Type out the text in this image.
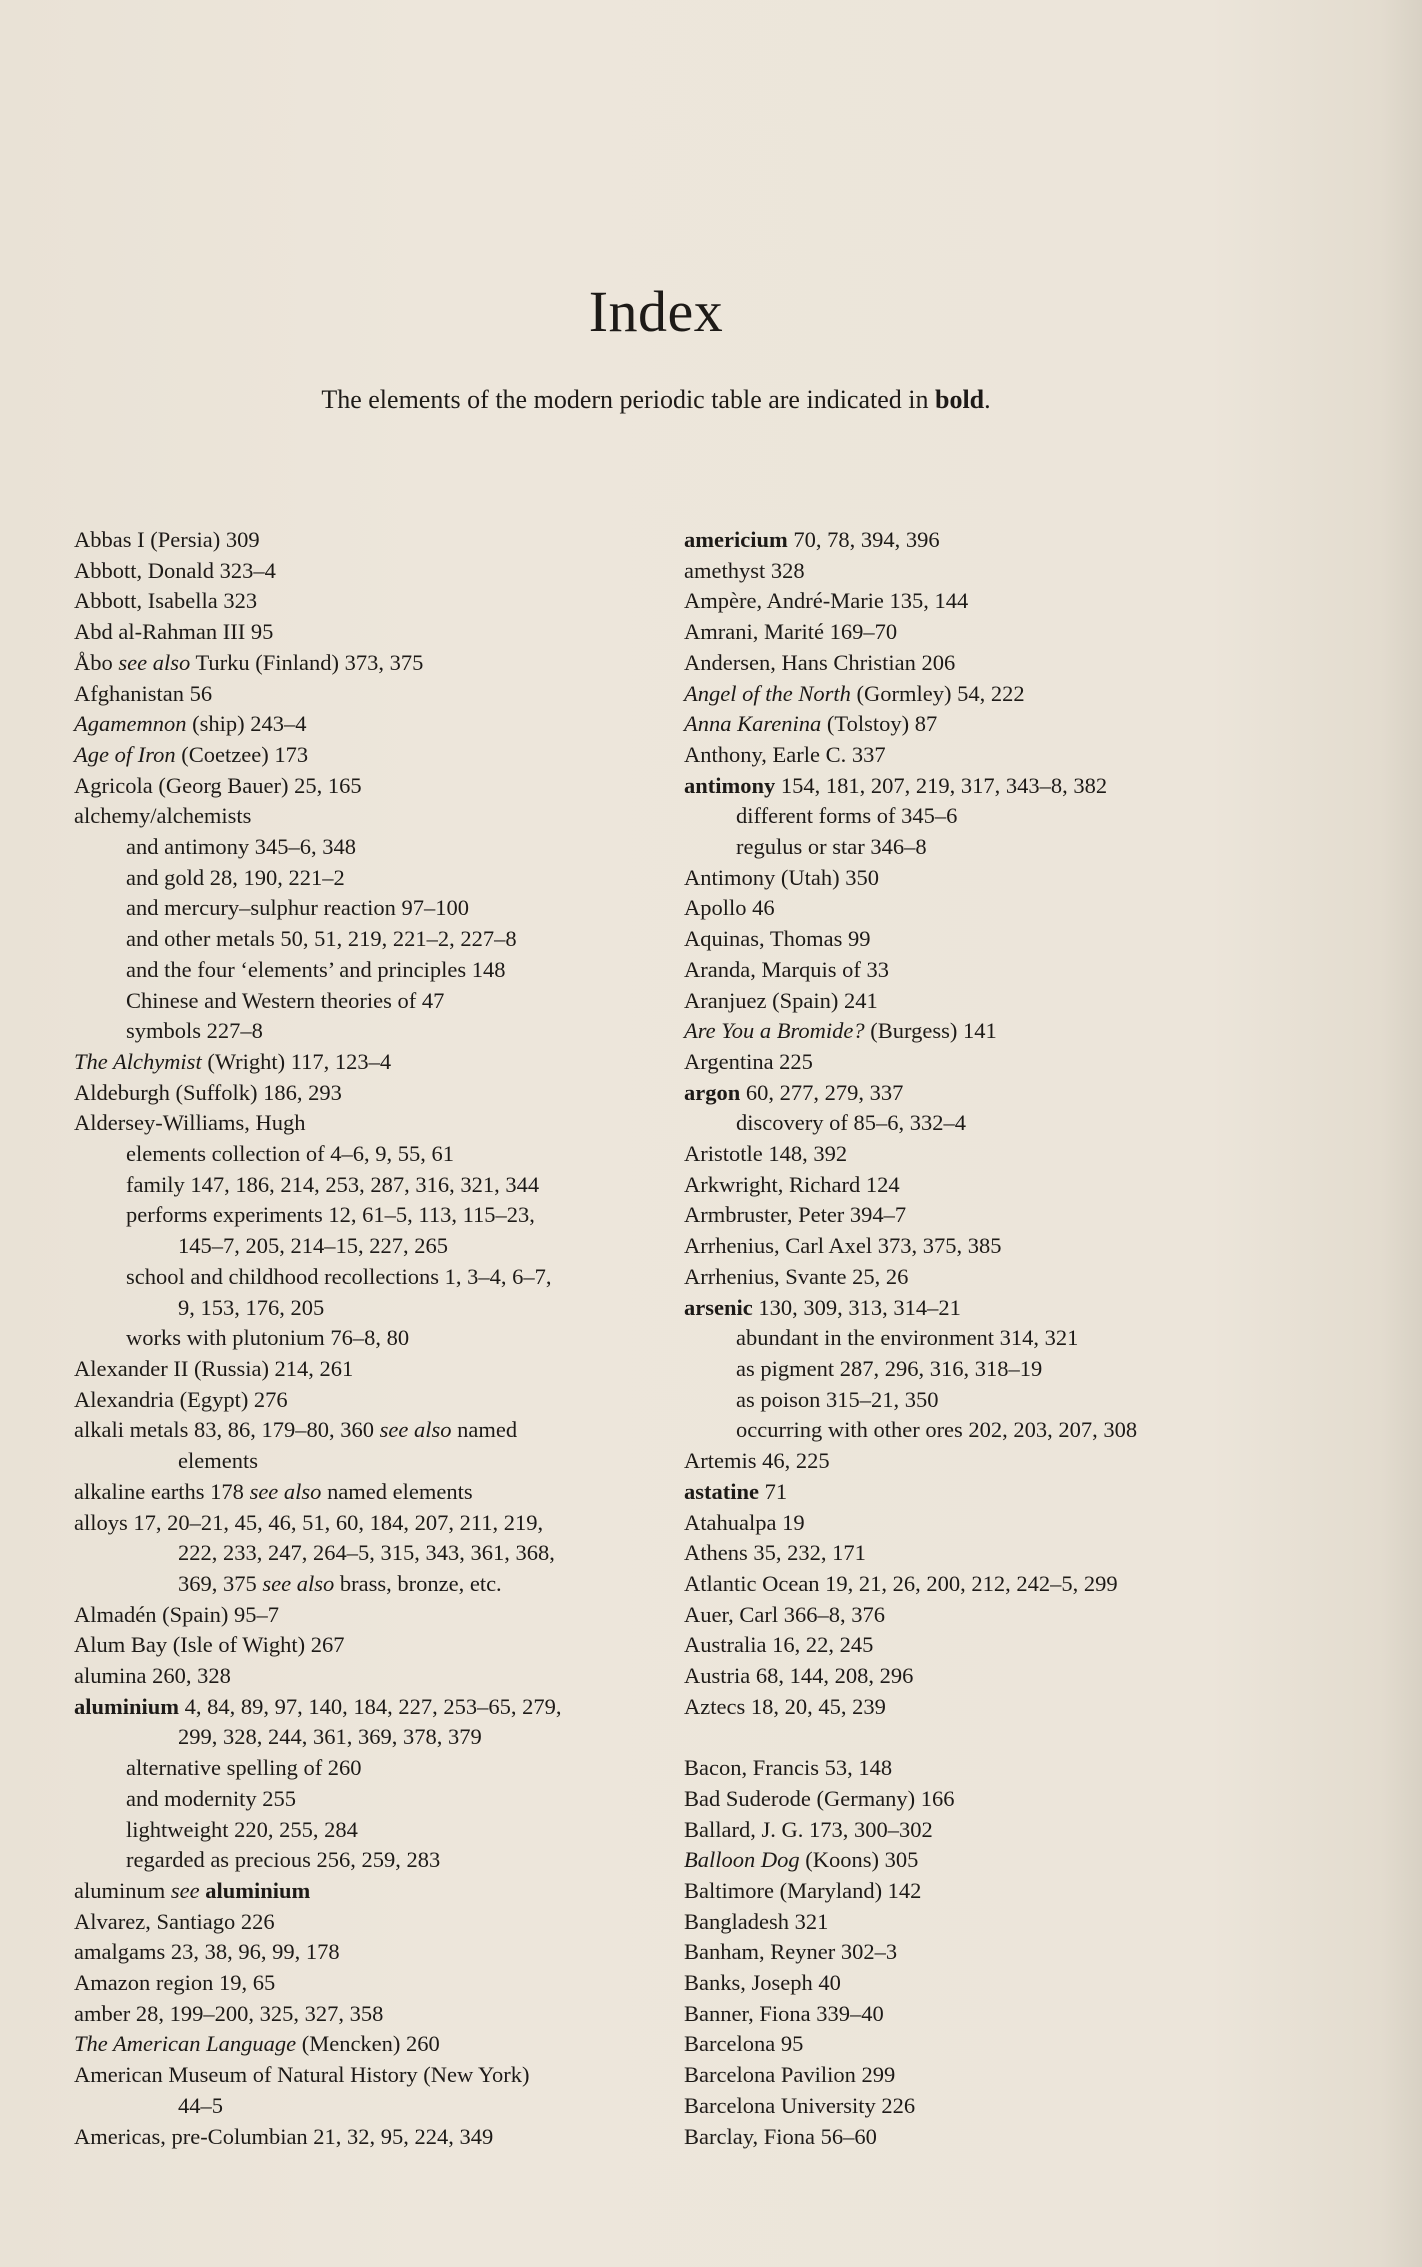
Index
The elements of the modern periodic table are indicated in bold.

Abbas I (Persia) 309

Abbott, Donald 323–4

Abbott, Isabella 323

Abd al-Rahman III 95

Åbo see also Turku (Finland) 373, 375

Afghanistan 56

Agamemnon (ship) 243–4

Age of Iron (Coetzee) 173

Agricola (Georg Bauer) 25, 165

alchemy/alchemists

and antimony 345–6, 348

and gold 28, 190, 221–2

and mercury–sulphur reaction 97–100

and other metals 50, 51, 219, 221–2, 227–8

and the four ‘elements’ and principles 148

Chinese and Western theories of 47

symbols 227–8

The Alchymist (Wright) 117, 123–4

Aldeburgh (Suffolk) 186, 293

Aldersey-Williams, Hugh

elements collection of 4–6, 9, 55, 61

family 147, 186, 214, 253, 287, 316, 321, 344

performs experiments 12, 61–5, 113, 115–23,

145–7, 205, 214–15, 227, 265

school and childhood recollections 1, 3–4, 6–7,

9, 153, 176, 205

works with plutonium 76–8, 80

Alexander II (Russia) 214, 261

Alexandria (Egypt) 276

alkali metals 83, 86, 179–80, 360 see also named

elements

alkaline earths 178 see also named elements

alloys 17, 20–21, 45, 46, 51, 60, 184, 207, 211, 219,

222, 233, 247, 264–5, 315, 343, 361, 368,

369, 375 see also brass, bronze, etc.

Almadén (Spain) 95–7

Alum Bay (Isle of Wight) 267

alumina 260, 328

aluminium 4, 84, 89, 97, 140, 184, 227, 253–65, 279,

299, 328, 244, 361, 369, 378, 379

alternative spelling of 260

and modernity 255

lightweight 220, 255, 284

regarded as precious 256, 259, 283

aluminum see aluminium

Alvarez, Santiago 226

amalgams 23, 38, 96, 99, 178

Amazon region 19, 65

amber 28, 199–200, 325, 327, 358

The American Language (Mencken) 260

American Museum of Natural History (New York)

44–5

Americas, pre-Columbian 21, 32, 95, 224, 349

americium 70, 78, 394, 396

amethyst 328

Ampère, André-Marie 135, 144

Amrani, Marité 169–70

Andersen, Hans Christian 206

Angel of the North (Gormley) 54, 222

Anna Karenina (Tolstoy) 87

Anthony, Earle C. 337

antimony 154, 181, 207, 219, 317, 343–8, 382

different forms of 345–6

regulus or star 346–8

Antimony (Utah) 350

Apollo 46

Aquinas, Thomas 99

Aranda, Marquis of 33

Aranjuez (Spain) 241

Are You a Bromide? (Burgess) 141

Argentina 225

argon 60, 277, 279, 337

discovery of 85–6, 332–4

Aristotle 148, 392

Arkwright, Richard 124

Armbruster, Peter 394–7

Arrhenius, Carl Axel 373, 375, 385

Arrhenius, Svante 25, 26

arsenic 130, 309, 313, 314–21

abundant in the environment 314, 321

as pigment 287, 296, 316, 318–19

as poison 315–21, 350

occurring with other ores 202, 203, 207, 308

Artemis 46, 225

astatine 71

Atahualpa 19

Athens 35, 232, 171

Atlantic Ocean 19, 21, 26, 200, 212, 242–5, 299

Auer, Carl 366–8, 376

Australia 16, 22, 245

Austria 68, 144, 208, 296

Aztecs 18, 20, 45, 239

Bacon, Francis 53, 148

Bad Suderode (Germany) 166

Ballard, J. G. 173, 300–302

Balloon Dog (Koons) 305

Baltimore (Maryland) 142

Bangladesh 321

Banham, Reyner 302–3

Banks, Joseph 40

Banner, Fiona 339–40

Barcelona 95

Barcelona Pavilion 299

Barcelona University 226

Barclay, Fiona 56–60
